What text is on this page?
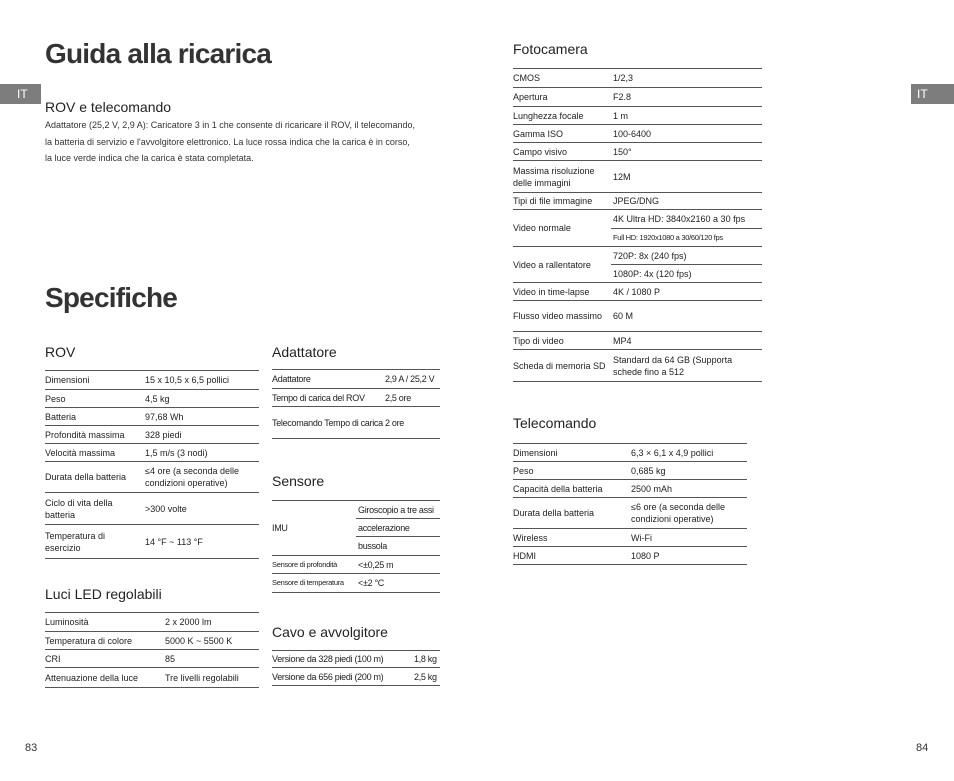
Guida alla ricarica
IT
ROV e telecomando
Adattatore (25,2 V, 2,9 A): Caricatore 3 in 1 che consente di ricaricare il ROV, il telecomando,
la batteria di servizio e l'avvolgitore elettronico. La luce rossa indica che la carica è in corso,
la luce verde indica che la carica è stata completata.
Specifiche
ROV
Dimensioni	15 x 10,5 x 6,5 pollici
Peso	4,5 kg
Batteria	97,68 Wh
Profondità massima	328 piedi
Velocità massima	1,5 m/s (3 nodi)
Durata della batteria	≤4 ore (a seconda delle condizioni operative)
Ciclo di vita della batteria	>300 volte
Temperatura di esercizio	14 °F ~ 113 °F
Luci LED regolabili
Luminosità	2 x 2000 lm
Temperatura di colore	5000 K ~ 5500 K
CRI	85
Attenuazione della luce	Tre livelli regolabili
Adattatore
Adattatore	2,9 A / 25,2 V
Tempo di carica del ROV	2,5 ore
Telecomando Tempo di carica	2 ore
Sensore
IMU	Giroscopio a tre assi
	accelerazione
	bussola
Sensore di profondità	<±0,25 m
Sensore di temperatura	<±2 °C
Cavo e avvolgitore
Versione da 328 piedi (100 m)	1,8 kg
Versione da 656 piedi (200 m)	2,5 kg
83
IT
Fotocamera
CMOS	1/2,3
Apertura	F2.8
Lunghezza focale	1 m
Gamma ISO	100-6400
Campo visivo	150°
Massima risoluzione delle immagini	12M
Tipi di file immagine	JPEG/DNG
Video normale	4K Ultra HD: 3840x2160 a 30 fps
	Full HD: 1920x1080 a 30/60/120 fps
Video a rallentatore	720P: 8x (240 fps)
	1080P: 4x (120 fps)
Video in time-lapse	4K / 1080 P
Flusso video massimo	60 M
Tipo di video	MP4
Scheda di memoria SD	Standard da 64 GB (Supporta schede fino a 512
Telecomando
Dimensioni	6,3 × 6,1 x 4,9 pollici
Peso	0,685 kg
Capacità della batteria	2500 mAh
Durata della batteria	≤6 ore (a seconda delle condizioni operative)
Wireless	Wi-Fi
HDMI	1080 P
84
